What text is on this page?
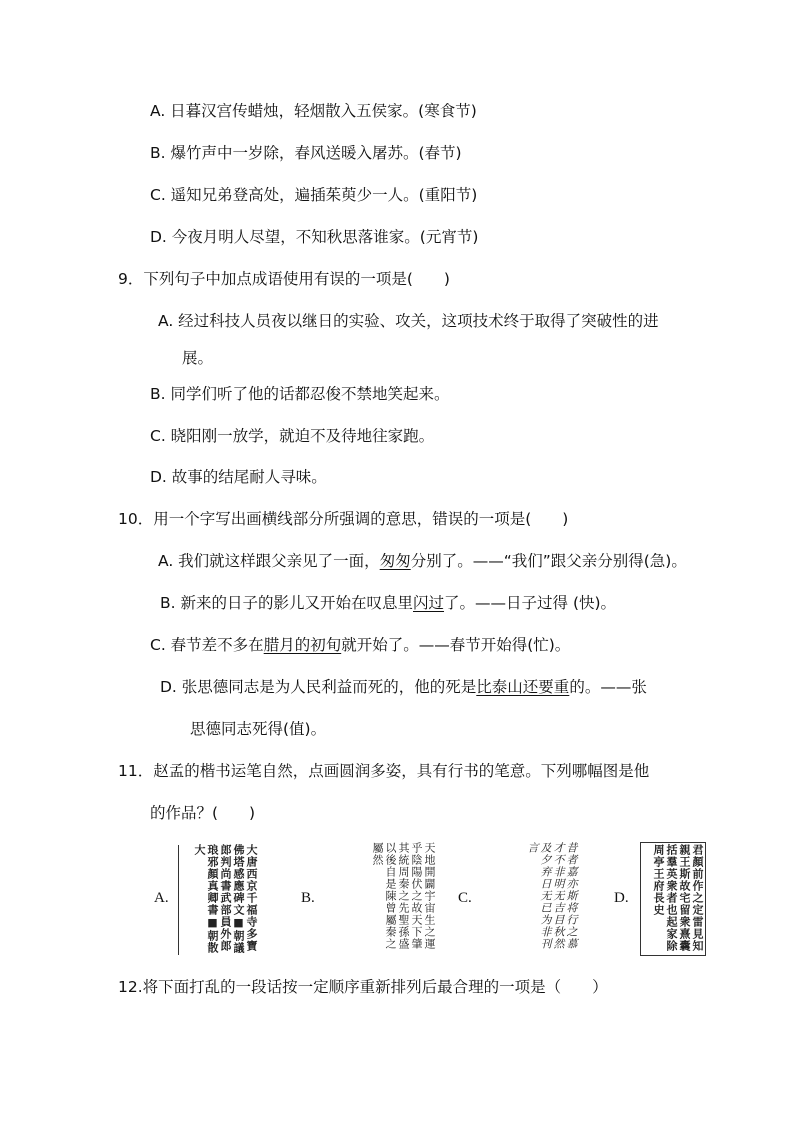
A. 日暮汉宫传蜡烛，轻烟散入五侯家。(寒食节)
B. 爆竹声中一岁除，春风送暖入屠苏。(春节)
C. 遥知兄弟登高处，遍插茱萸少一人。(重阳节)
D. 今夜月明人尽望，不知秋思落谁家。(元宵节)
9．下列句子中加点成语使用有误的一项是(　　)
A. 经过科技人员夜以继日的实验、攻关，这项技术终于取得了突破性的进
展。
B. 同学们听了他的话都忍俊不禁地笑起来。
C. 晓阳刚一放学，就迫不及待地往家跑。
D. 故事的结尾耐人寻味。
10．用一个字写出画横线部分所强调的意思，错误的一项是(　　)
A. 我们就这样跟父亲见了一面，匆匆分别了。——“我们”跟父亲分别得(急)。
B. 新来的日子的影儿又开始在叹息里闪过了。——日子过得 (快)。
C. 春节差不多在腊月的初旬就开始了。——春节开始得(忙)。
D. 张思德同志是为人民利益而死的，他的死是比泰山还要重的。——张
思德同志死得(值)。
11．赵孟的楷书运笔自然，点画圆润多姿，具有行书的笔意。下列哪幅图是他
的作品？(　　)
A.	大唐西京千福寺多寶佛塔感應碑文■朝議郎判尚書武部員外郎琅邪顏真卿書■朝散大
B.	天地開闢宇宙生之運乎陰陽伏之故天下肇其統周秦之先聖孫盛以後自是陳曾屬秦之屬然
C.	昔者嘉亦斯将行之慕才不非明无吉目秋然及夕弃日无已为非刊言
D.	君顏前作之定雷見知親王斯故宅留衆熹囊括羣英衆者也起家除周亭王府長史
12.将下面打乱的一段话按一定顺序重新排列后最合理的一项是（　　）
